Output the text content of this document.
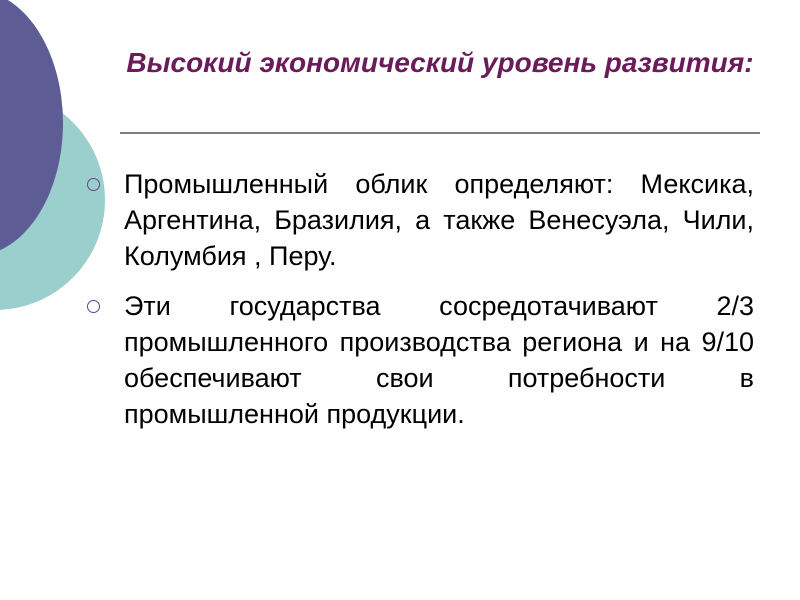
Высокий экономический уровень развития:
Промышленный облик определяют: Мексика, Аргентина, Бразилия, а также Венесуэла, Чили, Колумбия , Перу.
Эти государства сосредотачивают 2/3 промышленного производства региона и на 9/10 обеспечивают свои потребности в промышленной продукции.
